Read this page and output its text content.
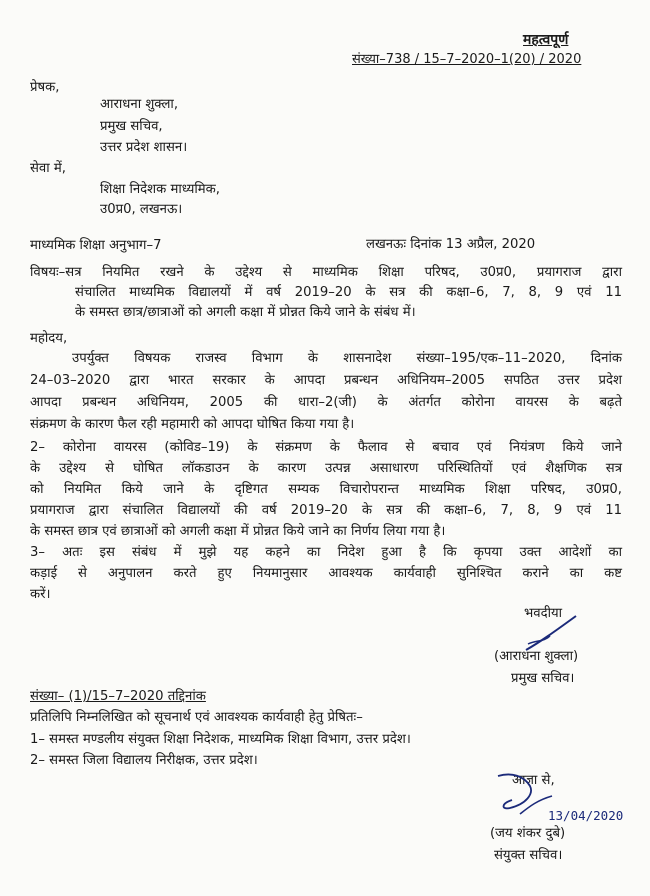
महत्वपूर्ण
संख्या–738 / 15–7–2020–1(20) / 2020
प्रेषक,
आराधना शुक्ला,
प्रमुख सचिव,
उत्तर प्रदेश शासन।
सेवा में,
शिक्षा निदेशक माध्यमिक,
उ0प्र0, लखनऊ।
माध्यमिक शिक्षा अनुभाग–7	लखनऊः दिनांक 13 अप्रैल, 2020
विषयः–सत्र नियमित रखने के उद्देश्य से माध्यमिक शिक्षा परिषद, उ0प्र0, प्रयागराज द्वारा
संचालित माध्यमिक विद्यालयों में वर्ष 2019–20 के सत्र की कक्षा–6, 7, 8, 9 एवं 11
के समस्त छात्र/छात्राओं को अगली कक्षा में प्रोन्नत किये जाने के संबंध में।
महोदय,
उपर्युक्त विषयक राजस्व विभाग के शासनादेश संख्या–195/एक–11–2020, दिनांक
24–03–2020 द्वारा भारत सरकार के आपदा प्रबन्धन अधिनियम–2005 सपठित उत्तर प्रदेश
आपदा प्रबन्धन अधिनियम, 2005 की धारा–2(जी) के अंतर्गत कोरोना वायरस के बढ़ते
संक्रमण के कारण फैल रही महामारी को आपदा घोषित किया गया है।
2– कोरोना वायरस (कोविड–19) के संक्रमण के फैलाव से बचाव एवं नियंत्रण किये जाने
के उद्देश्य से घोषित लॉकडाउन के कारण उत्पन्न असाधारण परिस्थितियों एवं शैक्षणिक सत्र
को नियमित किये जाने के दृष्टिगत सम्यक विचारोपरान्त माध्यमिक शिक्षा परिषद, उ0प्र0,
प्रयागराज द्वारा संचालित विद्यालयों की वर्ष 2019–20 के सत्र की कक्षा–6, 7, 8, 9 एवं 11
के समस्त छात्र एवं छात्राओं को अगली कक्षा में प्रोन्नत किये जाने का निर्णय लिया गया है।
3– अतः इस संबंध में मुझे यह कहने का निदेश हुआ है कि कृपया उक्त आदेशों का
कड़ाई से अनुपालन करते हुए नियमानुसार आवश्यक कार्यवाही सुनिश्चित कराने का कष्ट
करें।
भवदीया
(आराधना शुक्ला)
प्रमुख सचिव।
संख्या– (1)/15–7–2020 तद्दिनांक
प्रतिलिपि निम्नलिखित को सूचनार्थ एवं आवश्यक कार्यवाही हेतु प्रेषितः–
1– समस्त मण्डलीय संयुक्त शिक्षा निदेशक, माध्यमिक शिक्षा विभाग, उत्तर प्रदेश।
2– समस्त जिला विद्यालय निरीक्षक, उत्तर प्रदेश।
आज्ञा से,
13/04/2020
(जय शंकर दुबे)
संयुक्त सचिव।
